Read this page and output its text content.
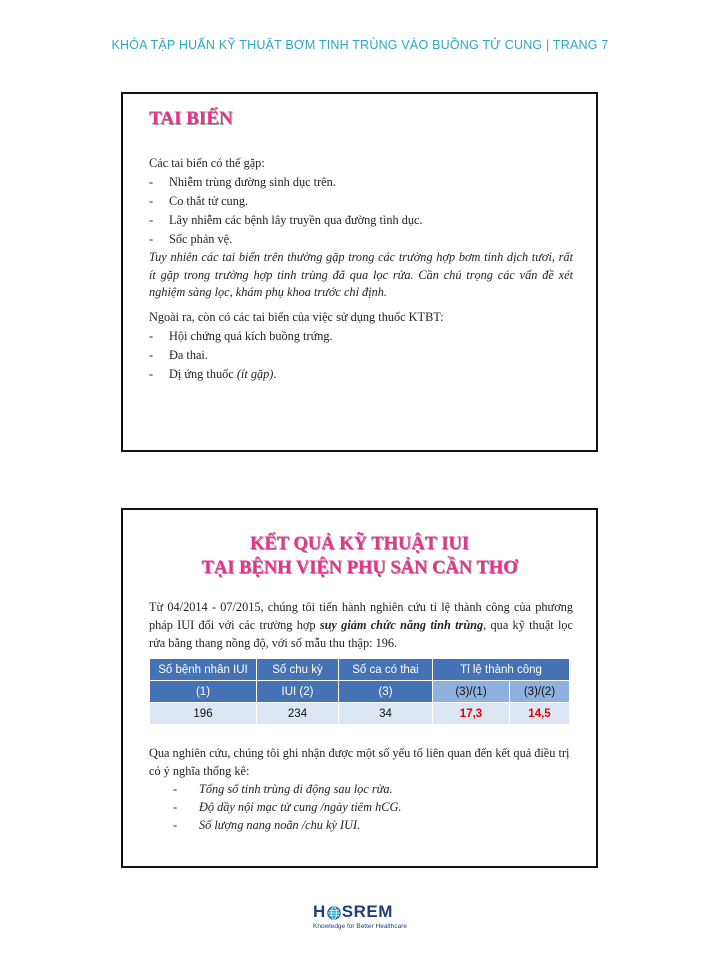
KHÓA TẬP HUẤN KỸ THUẬT BƠM TINH TRÙNG VÀO BUỒNG TỬ CUNG | TRANG 7
TAI BIẾN

Các tai biến có thể gặp:

- Nhiễm trùng đường sinh dục trên.
- Co thắt tử cung.
- Lây nhiễm các bệnh lây truyền qua đường tình dục.
- Sốc phản vệ.

Tuy nhiên các tai biến trên thường gặp trong các trường hợp bơm tinh dịch tươi, rất ít gặp trong trường hợp tinh trùng đã qua lọc rửa. Cần chú trọng các vấn đề xét nghiệm sàng lọc, khám phụ khoa trước chỉ định.

Ngoài ra, còn có các tai biến của việc sử dụng thuốc KTBT:

- Hội chứng quá kích buồng trứng.
- Đa thai.
- Dị ứng thuốc (ít gặp).
KẾT QUẢ KỸ THUẬT IUI
TẠI BỆNH VIỆN PHỤ SẢN CẦN THƠ

Từ 04/2014 - 07/2015, chúng tôi tiến hành nghiên cứu tỉ lệ thành công của phương pháp IUI đối với các trường hợp suy giảm chức năng tinh trùng, qua kỹ thuật lọc rửa bằng thang nồng độ, với số mẫu thu thập: 196.

Số bệnh nhân IUI	Số chu kỳ	Số ca có thai	Tỉ lệ thành công	
(1)	IUI (2)	(3)	(3)/(1)	(3)/(2)
196	234	34	17,3	14,5

Qua nghiên cứu, chúng tôi ghi nhận được một số yếu tố liên quan đến kết quả điều trị có ý nghĩa thống kê:

- Tổng số tinh trùng di động sau lọc rửa.
- Độ dầy nội mạc tử cung /ngày tiêm hCG.
- Số lượng nang noãn /chu kỳ IUI.
H SREM
Knowledge for Better Healthcare
